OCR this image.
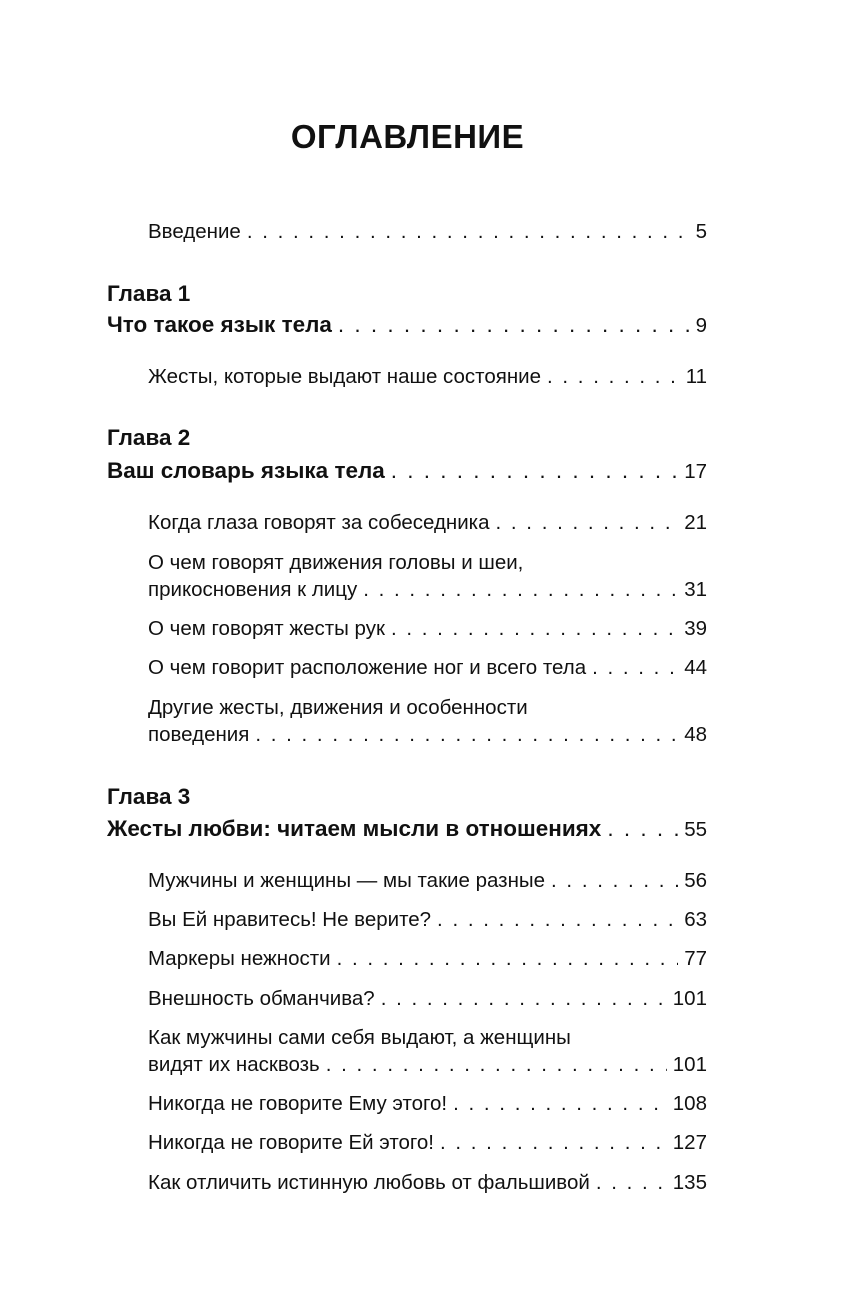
ОГЛАВЛЕНИЕ
Введение . . .	5
Глава 1
Что такое язык тела . . .	9
Жесты, которые выдают наше состояние . . .	11
Глава 2
Ваш словарь языка тела . . .	17
Когда глаза говорят за собеседника . . .	21
О чем говорят движения головы и шеи,
прикосновения к лицу . . .	31
О чем говорят жесты рук . . .	39
О чем говорит расположение ног и всего тела . . .	44
Другие жесты, движения и особенности
поведения . . .	48
Глава 3
Жесты любви: читаем мысли в отношениях . . .	55
Мужчины и женщины — мы такие разные . . .	56
Вы Ей нравитесь! Не верите? . . .	63
Маркеры нежности . . .	77
Внешность обманчива? . . .	101
Как мужчины сами себя выдают, а женщины
видят их насквозь . . .	101
Никогда не говорите Ему этого! . . .	108
Никогда не говорите Ей этого! . . .	127
Как отличить истинную любовь от фальшивой . . .	135
